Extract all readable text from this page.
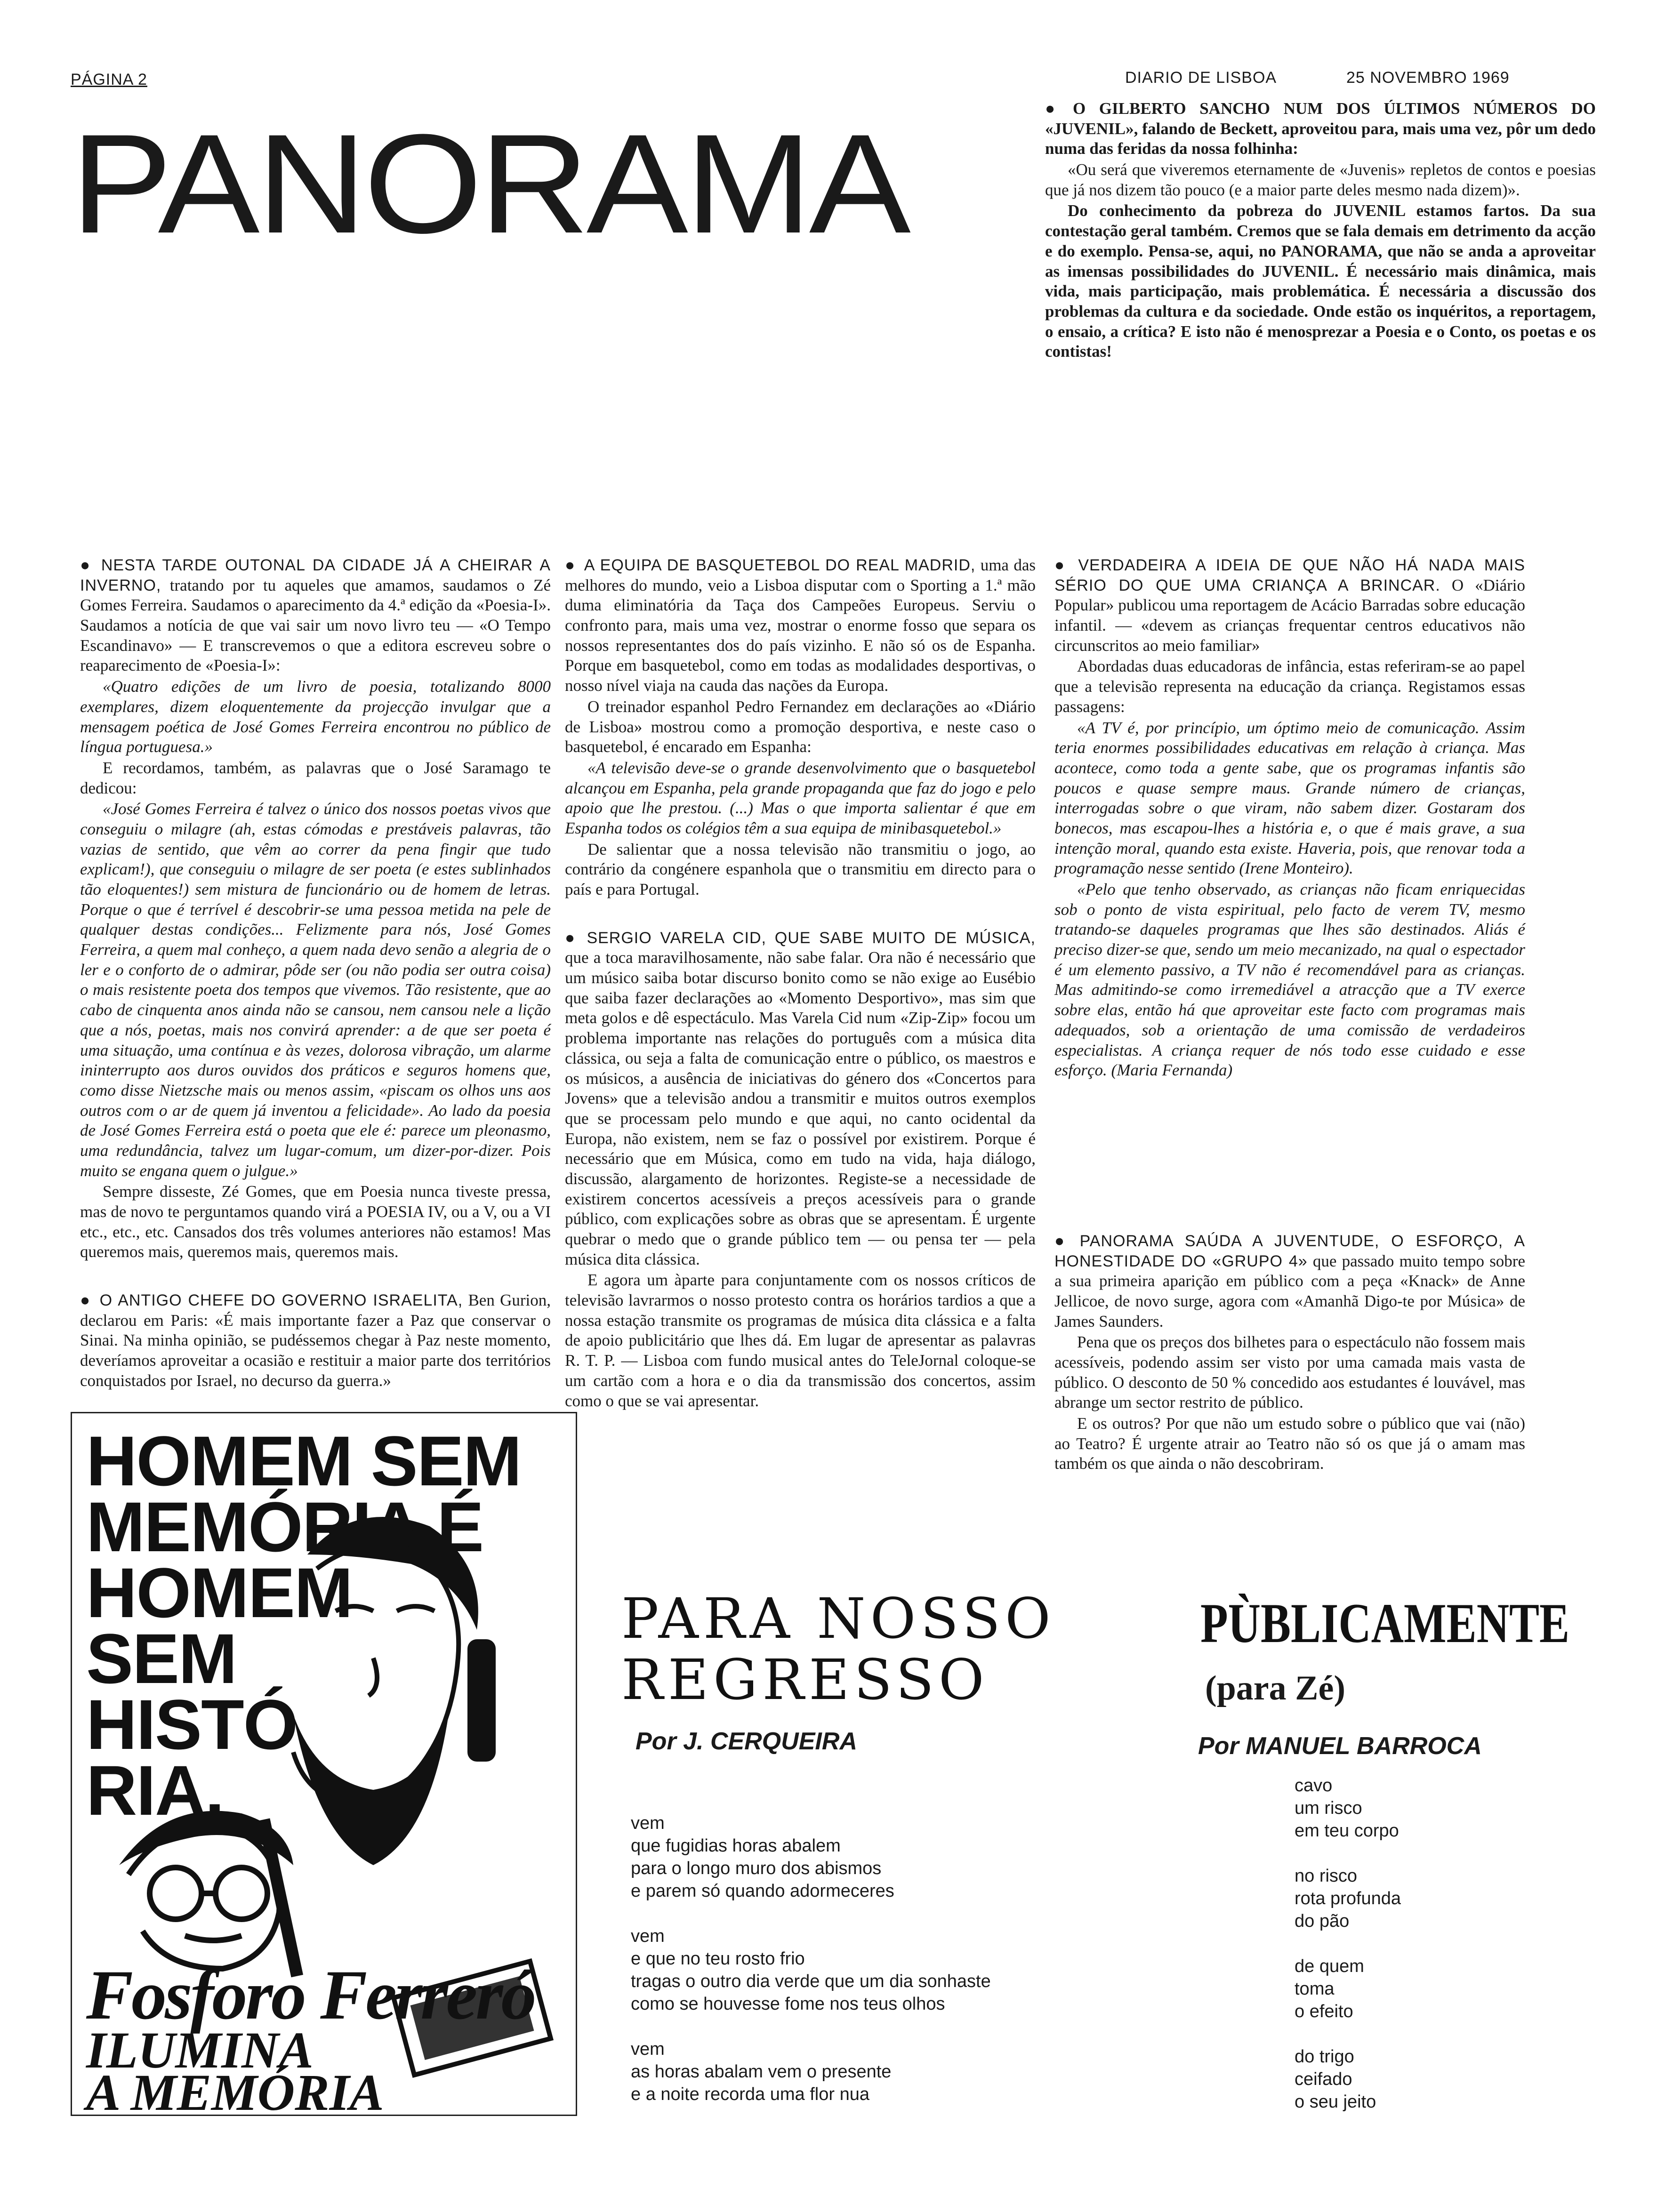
PÁGINA 2	DIARIO DE LISBOA	25 NOVEMBRO 1969
PANORAMA	● O GILBERTO SANCHO NUM DOS ÚLTIMOS NÚMEROS DO «JUVENIL», falando de Beckett, aproveitou para, mais uma vez, pôr um dedo numa das feridas da nossa folhinha:

«Ou será que viveremos eternamente de «Juvenis» repletos de contos e poesias que já nos dizem tão pouco (e a maior parte deles mesmo nada dizem)».

Do conhecimento da pobreza do JUVENIL estamos fartos. Da sua contestação geral também. Cremos que se fala demais em detrimento da acção e do exemplo. Pensa-se, aqui, no PANORAMA, que não se anda a aproveitar as imensas possibilidades do JUVENIL. É necessário mais dinâmica, mais vida, mais participação, mais problemática. É necessária a discussão dos problemas da cultura e da sociedade. Onde estão os inquéritos, a reportagem, o ensaio, a crítica? E isto não é menosprezar a Poesia e o Conto, os poetas e os contistas!

● NESTA TARDE OUTONAL DA CIDADE JÁ A CHEIRAR A INVERNO, tratando por tu aqueles que amamos, saudamos o Zé Gomes Ferreira. Saudamos o aparecimento da 4.ª edição da «Poesia-I». Saudamos a notícia de que vai sair um novo livro teu — «O Tempo Escandinavo» — E transcrevemos o que a editora escreveu sobre o reaparecimento de «Poesia-I»:

«Quatro edições de um livro de poesia, totalizando 8000 exemplares, dizem eloquentemente da projecção invulgar que a mensagem poética de José Gomes Ferreira encontrou no público de língua portuguesa.»

E recordamos, também, as palavras que o José Saramago te dedicou:

«José Gomes Ferreira é talvez o único dos nossos poetas vivos que conseguiu o milagre (ah, estas cómodas e prestáveis palavras, tão vazias de sentido, que vêm ao correr da pena fingir que tudo explicam!), que conseguiu o milagre de ser poeta (e estes sublinhados tão eloquentes!) sem mistura de funcionário ou de homem de letras. Porque o que é terrível é descobrir-se uma pessoa metida na pele de qualquer destas condições... Felizmente para nós, José Gomes Ferreira, a quem mal conheço, a quem nada devo senão a alegria de o ler e o conforto de o admirar, pôde ser (ou não podia ser outra coisa) o mais resistente poeta dos tempos que vivemos. Tão resistente, que ao cabo de cinquenta anos ainda não se cansou, nem cansou nele a lição que a nós, poetas, mais nos convirá aprender: a de que ser poeta é uma situação, uma contínua e às vezes, dolorosa vibração, um alarme ininterrupto aos duros ouvidos dos práticos e seguros homens que, como disse Nietzsche mais ou menos assim, «piscam os olhos uns aos outros com o ar de quem já inventou a felicidade». Ao lado da poesia de José Gomes Ferreira está o poeta que ele é: parece um pleonasmo, uma redundância, talvez um lugar-comum, um dizer-por-dizer. Pois muito se engana quem o julgue.»

Sempre disseste, Zé Gomes, que em Poesia nunca tiveste pressa, mas de novo te perguntamos quando virá a POESIA IV, ou a V, ou a VI etc., etc., etc. Cansados dos três volumes anteriores não estamos! Mas queremos mais, queremos mais, queremos mais.

● O ANTIGO CHEFE DO GOVERNO ISRAELITA, Ben Gurion, declarou em Paris: «É mais importante fazer a Paz que conservar o Sinai. Na minha opinião, se pudéssemos chegar à Paz neste momento, deveríamos aproveitar a ocasião e restituir a maior parte dos territórios conquistados por Israel, no decurso da guerra.»

● A EQUIPA DE BASQUETEBOL DO REAL MADRID, uma das melhores do mundo, veio a Lisboa disputar com o Sporting a 1.ª mão duma eliminatória da Taça dos Campeões Europeus. Serviu o confronto para, mais uma vez, mostrar o enorme fosso que separa os nossos representantes dos do país vizinho. E não só os de Espanha. Porque em basquetebol, como em todas as modalidades desportivas, o nosso nível viaja na cauda das nações da Europa.

O treinador espanhol Pedro Fernandez em declarações ao «Diário de Lisboa» mostrou como a promoção desportiva, e neste caso o basquetebol, é encarado em Espanha:

«A televisão deve-se o grande desenvolvimento que o basquetebol alcançou em Espanha, pela grande propaganda que faz do jogo e pelo apoio que lhe prestou. (...) Mas o que importa salientar é que em Espanha todos os colégios têm a sua equipa de minibasquetebol.»

De salientar que a nossa televisão não transmitiu o jogo, ao contrário da congénere espanhola que o transmitiu em directo para o país e para Portugal.

● SERGIO VARELA CID, QUE SABE MUITO DE MÚSICA, que a toca maravilhosamente, não sabe falar. Ora não é necessário que um músico saiba botar discurso bonito como se não exige ao Eusébio que saiba fazer declarações ao «Momento Desportivo», mas sim que meta golos e dê espectáculo. Mas Varela Cid num «Zip-Zip» focou um problema importante nas relações do português com a música dita clássica, ou seja a falta de comunicação entre o público, os maestros e os músicos, a ausência de iniciativas do género dos «Concertos para Jovens» que a televisão andou a transmitir e muitos outros exemplos que se processam pelo mundo e que aqui, no canto ocidental da Europa, não existem, nem se faz o possível por existirem. Porque é necessário que em Música, como em tudo na vida, haja diálogo, discussão, alargamento de horizontes. Registe-se a necessidade de existirem concertos acessíveis a preços acessíveis para o grande público, com explicações sobre as obras que se apresentam. É urgente quebrar o medo que o grande público tem — ou pensa ter — pela música dita clássica.

E agora um àparte para conjuntamente com os nossos críticos de televisão lavrarmos o nosso protesto contra os horários tardios a que a nossa estação transmite os programas de música dita clássica e a falta de apoio publicitário que lhes dá. Em lugar de apresentar as palavras R. T. P. — Lisboa com fundo musical antes do TeleJornal coloque-se um cartão com a hora e o dia da transmissão dos concertos, assim como o que se vai apresentar.

● VERDADEIRA A IDEIA DE QUE NÃO HÁ NADA MAIS SÉRIO DO QUE UMA CRIANÇA A BRINCAR. O «Diário Popular» publicou uma reportagem de Acácio Barradas sobre educação infantil. — «devem as crianças frequentar centros educativos não circunscritos ao meio familiar»

Abordadas duas educadoras de infância, estas referiram-se ao papel que a televisão representa na educação da criança. Registamos essas passagens:

«A TV é, por princípio, um óptimo meio de comunicação. Assim teria enormes possibilidades educativas em relação à criança. Mas acontece, como toda a gente sabe, que os programas infantis são poucos e quase sempre maus. Grande número de crianças, interrogadas sobre o que viram, não sabem dizer. Gostaram dos bonecos, mas escapou-lhes a história e, o que é mais grave, a sua intenção moral, quando esta existe. Haveria, pois, que renovar toda a programação nesse sentido (Irene Monteiro).

«Pelo que tenho observado, as crianças não ficam enriquecidas sob o ponto de vista espiritual, pelo facto de verem TV, mesmo tratando-se daqueles programas que lhes são destinados. Aliás é preciso dizer-se que, sendo um meio mecanizado, na qual o espectador é um elemento passivo, a TV não é recomendável para as crianças. Mas admitindo-se como irremediável a atracção que a TV exerce sobre elas, então há que aproveitar este facto com programas mais adequados, sob a orientação de uma comissão de verdadeiros especialistas. A criança requer de nós todo esse cuidado e esse esforço. (Maria Fernanda)

● PANORAMA SAÚDA A JUVENTUDE, O ESFORÇO, A HONESTIDADE DO «GRUPO 4» que passado muito tempo sobre a sua primeira aparição em público com a peça «Knack» de Anne Jellicoe, de novo surge, agora com «Amanhã Digo-te por Música» de James Saunders.

Pena que os preços dos bilhetes para o espectáculo não fossem mais acessíveis, podendo assim ser visto por uma camada mais vasta de público. O desconto de 50 % concedido aos estudantes é louvável, mas abrange um sector restrito de público.

E os outros? Por que não um estudo sobre o público que vai (não) ao Teatro? É urgente atrair ao Teatro não só os que já o amam mas também os que ainda o não descobriram.

HOMEM SEM
MEMÓRIA É
HOMEM
SEM
HISTÓ
RIA.
Fosforo Ferreró
ILUMINA
A MEMÓRIA
PARA NOSSO
REGRESSO
Por J. CERQUEIRA
vem
que fugidias horas abalem
para o longo muro dos abismos
e parem só quando adormeceres
vem
e que no teu rosto frio
tragas o outro dia verde que um dia sonhaste
como se houvesse fome nos teus olhos
vem
as horas abalam vem o presente
e a noite recorda uma flor nua
PÙBLICAMENTE
(para Zé)
Por MANUEL BARROCA
cavo
um risco
em teu corpo
no risco
rota profunda
do pão
de quem
toma
o efeito
do trigo
ceifado
o seu jeito
